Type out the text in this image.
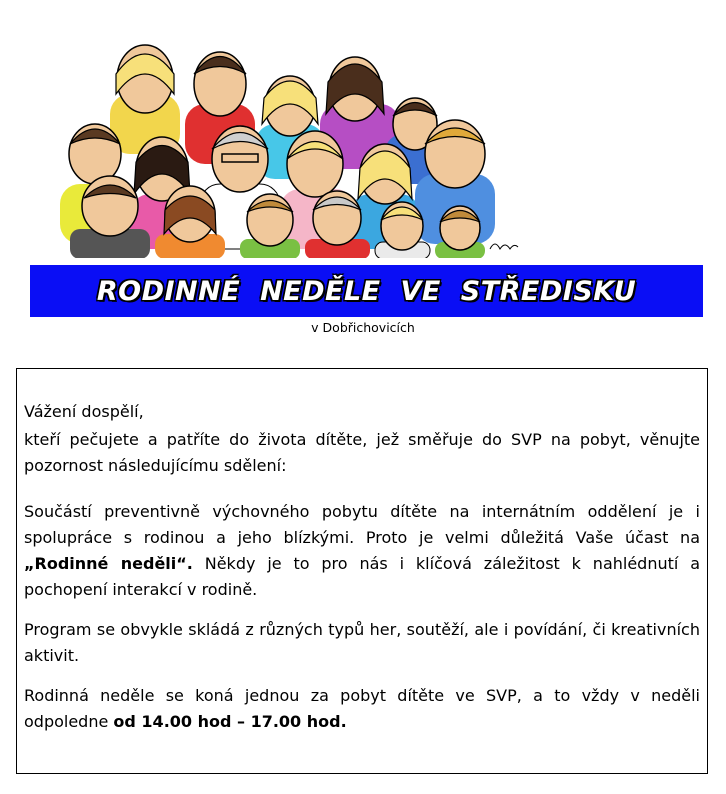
RODINNÉ NEDĚLE VE STŘEDISKU
v Dobřichovicích

Vážení dospělí,

kteří pečujete a patříte do života dítěte, jež směřuje do SVP na pobyt, věnujte pozornost následujícímu sdělení:

Součástí preventivně výchovného pobytu dítěte na internátním oddělení je i spolupráce s rodinou a jeho blízkými. Proto je velmi důležitá Vaše účast na „Rodinné neděli“. Někdy je to pro nás i klíčová záležitost k nahlédnutí a pochopení interakcí v rodině.

Program se obvykle skládá z různých typů her, soutěží, ale i povídání, či kreativních aktivit.

Rodinná neděle se koná jednou za pobyt dítěte ve SVP, a to vždy v neděli odpoledne od 14.00 hod – 17.00 hod.
